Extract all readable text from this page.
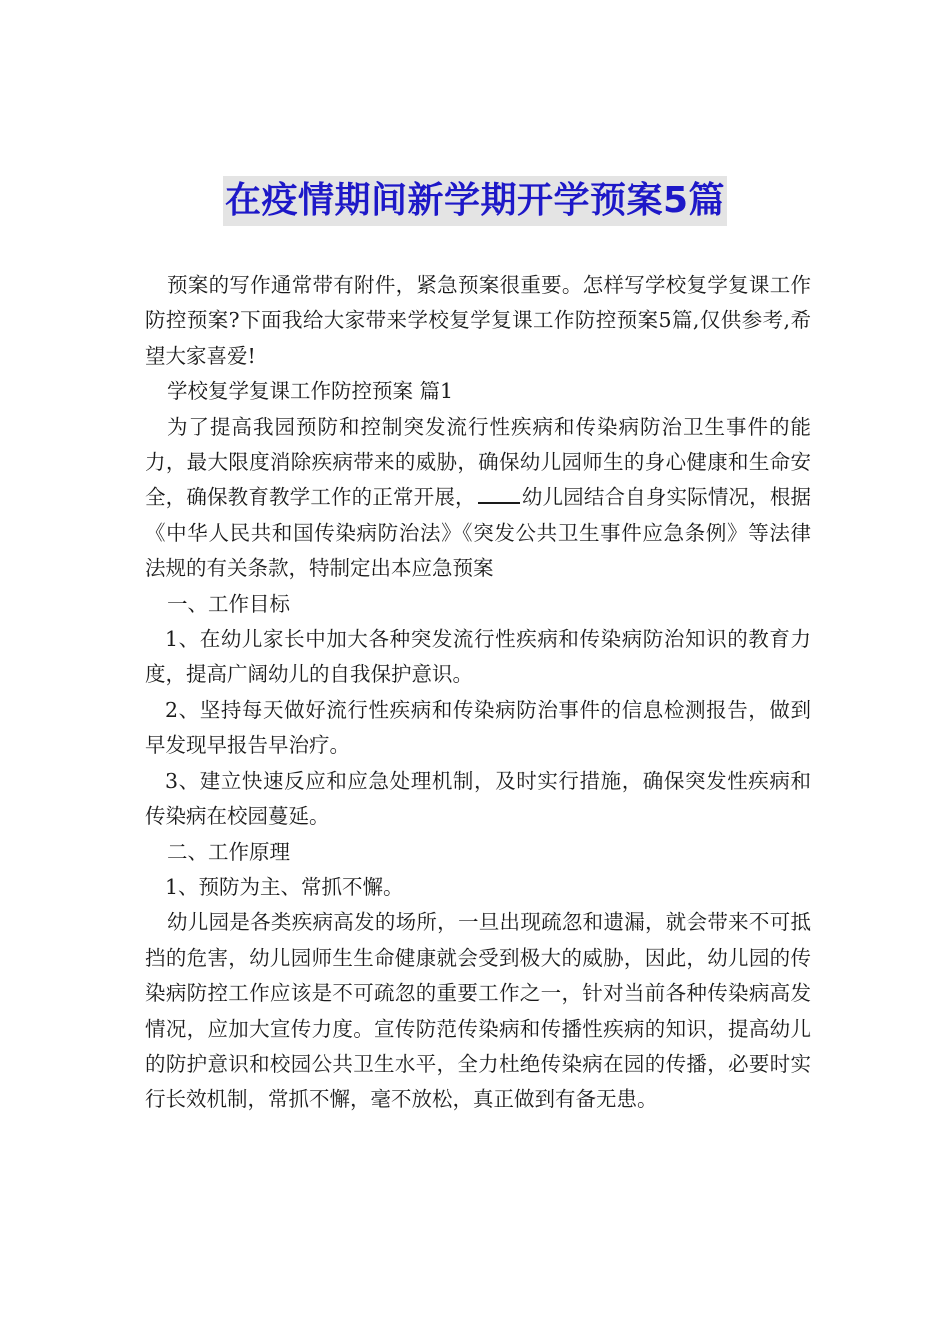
在疫情期间新学期开学预案5篇

预案的写作通常带有附件，紧急预案很重要。怎样写学校复学复课工作防控预案?下面我给大家带来学校复学复课工作防控预案5篇,仅供参考,希望大家喜爱!

学校复学复课工作防控预案 篇1

为了提高我园预防和控制突发流行性疾病和传染病防治卫生事件的能力，最大限度消除疾病带来的威胁，确保幼儿园师生的身心健康和生命安全，确保教育教学工作的正常开展， 幼儿园结合自身实际情况，根据《中华人民共和国传染病防治法》《突发公共卫生事件应急条例》等法律法规的有关条款，特制定出本应急预案

一、工作目标

1、在幼儿家长中加大各种突发流行性疾病和传染病防治知识的教育力度，提高广阔幼儿的自我保护意识。

2、坚持每天做好流行性疾病和传染病防治事件的信息检测报告，做到早发现早报告早治疗。

3、建立快速反应和应急处理机制，及时实行措施，确保突发性疾病和传染病在校园蔓延。

二、工作原理

1、预防为主、常抓不懈。

幼儿园是各类疾病高发的场所，一旦出现疏忽和遗漏，就会带来不可抵挡的危害，幼儿园师生生命健康就会受到极大的威胁，因此，幼儿园的传染病防控工作应该是不可疏忽的重要工作之一，针对当前各种传染病高发情况，应加大宣传力度。宣传防范传染病和传播性疾病的知识，提高幼儿的防护意识和校园公共卫生水平，全力杜绝传染病在园的传播，必要时实行长效机制，常抓不懈，毫不放松，真正做到有备无患。
